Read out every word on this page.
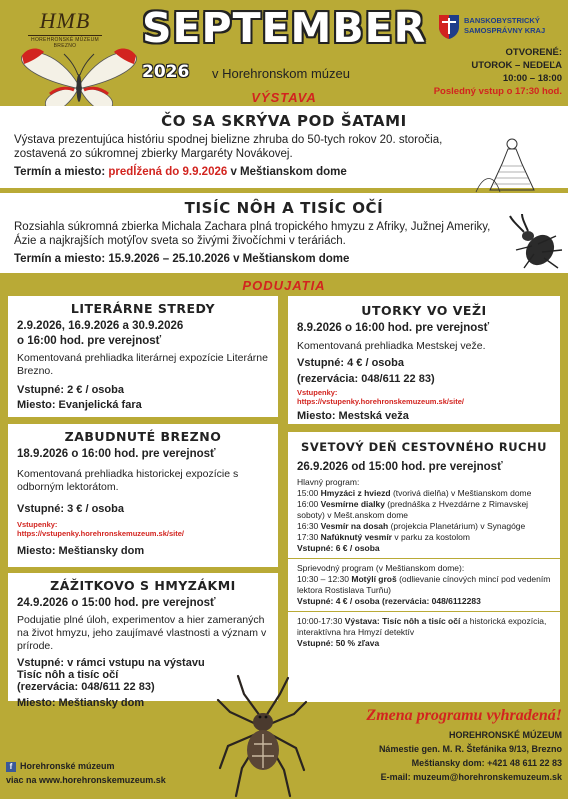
HMB
HOREHRONSKÉ MÚZEUM BREZNO	SEPTEMBER
2026 v Horehronskom múzeu
BANSKOBYSTRICKÝ
SAMOSPRÁVNY KRAJ
OTVORENÉ:
UTOROK – NEDEĽA
10:00 – 18:00
Posledný vstup o 17:30 hod.
VÝSTAVA
ČO SA SKRÝVA POD ŠATAMI

Výstava prezentujúca históriu spodnej bielizne zhruba do 50-tych rokov 20. storočia, zostavená zo súkromnej zbierky Margaréty Novákovej.

Termín a miesto: predĺžená do 9.9.2026 v Meštianskom dome
TISÍC NÔH A TISÍC OČÍ

Rozsiahla súkromná zbierka Michala Zachara plná tropického hmyzu z Afriky, Južnej Ameriky, Ázie a najkrajších motýľov sveta so živými živočíchmi v teráriách.

Termín a miesto: 15.9.2026 – 25.10.2026 v Meštianskom dome
PODUJATIA
LITERÁRNE STREDY
2.9.2026, 16.9.2026 a 30.9.2026
o 16:00 hod. pre verejnosť
Komentovaná prehliadka literárnej expozície Literárne Brezno.
Vstupné: 2 € / osoba
Miesto: Evanjelická fara
ZABUDNUTÉ BREZNO
18.9.2026 o 16:00 hod. pre verejnosť
Komentovaná prehliadka historickej expozície s odborným lektorátom.
Vstupné: 3 € / osoba
Vstupenky:
https://vstupenky.horehronskemuzeum.sk/site/
Miesto: Meštiansky dom
ZÁŽITKOVO S HMYZÁKMI
24.9.2026 o 15:00 hod. pre verejnosť
Podujatie plné úloh, experimentov a hier zameraných na život hmyzu, jeho zaujímavé vlastnosti a význam v prírode.
Vstupné: v rámci vstupu na výstavu
Tisíc nôh a tisíc očí
(rezervácia: 048/611 22 83)
Miesto: Meštiansky dom
UTORKY VO VEŽI
8.9.2026 o 16:00 hod. pre verejnosť
Komentovaná prehliadka Mestskej veže.
Vstupné: 4 € / osoba
(rezervácia: 048/611 22 83)
Vstupenky:
https://vstupenky.horehronskemuzeum.sk/site/
Miesto: Mestská veža
SVETOVÝ DEŇ CESTOVNÉHO RUCHU
26.9.2026 od 15:00 hod. pre verejnosť
Hlavný program:
15:00 Hmyzáci z hviezd (tvorivá dielňa) v Meštianskom dome
16:00 Vesmírne dialky (prednáška z Hvezdárne z Rimavskej soboty) v Mešt.anskom dome
16:30 Vesmír na dosah (projekcia Planetárium) v Synagóge
17:30 Nafúknutý vesmír v parku za kostolom
Vstupné: 6 € / osoba
Sprievodný program (v Meštianskom dome):
10:30 – 12:30 Motýlí groš (odlievanie cínových mincí pod vedením lektora Rostislava Turňu)
Vstupné: 4 € / osoba (rezervácia: 048/6112283
10:00-17:30 Výstava: Tisíc nôh a tisíc očí a historická expozícia, interaktívna hra Hmyzí detektív
Vstupné: 50 % zľava
Zmena programu vyhradená!
HOREHRONSKÉ MÚZEUM
Námestie gen. M. R. Štefánika 9/13, Brezno
Meštiansky dom: +421 48 611 22 83
E-mail: muzeum@horehronskemuzeum.sk
f Horehronské múzeum
viac na www.horehronskemuzeum.sk
